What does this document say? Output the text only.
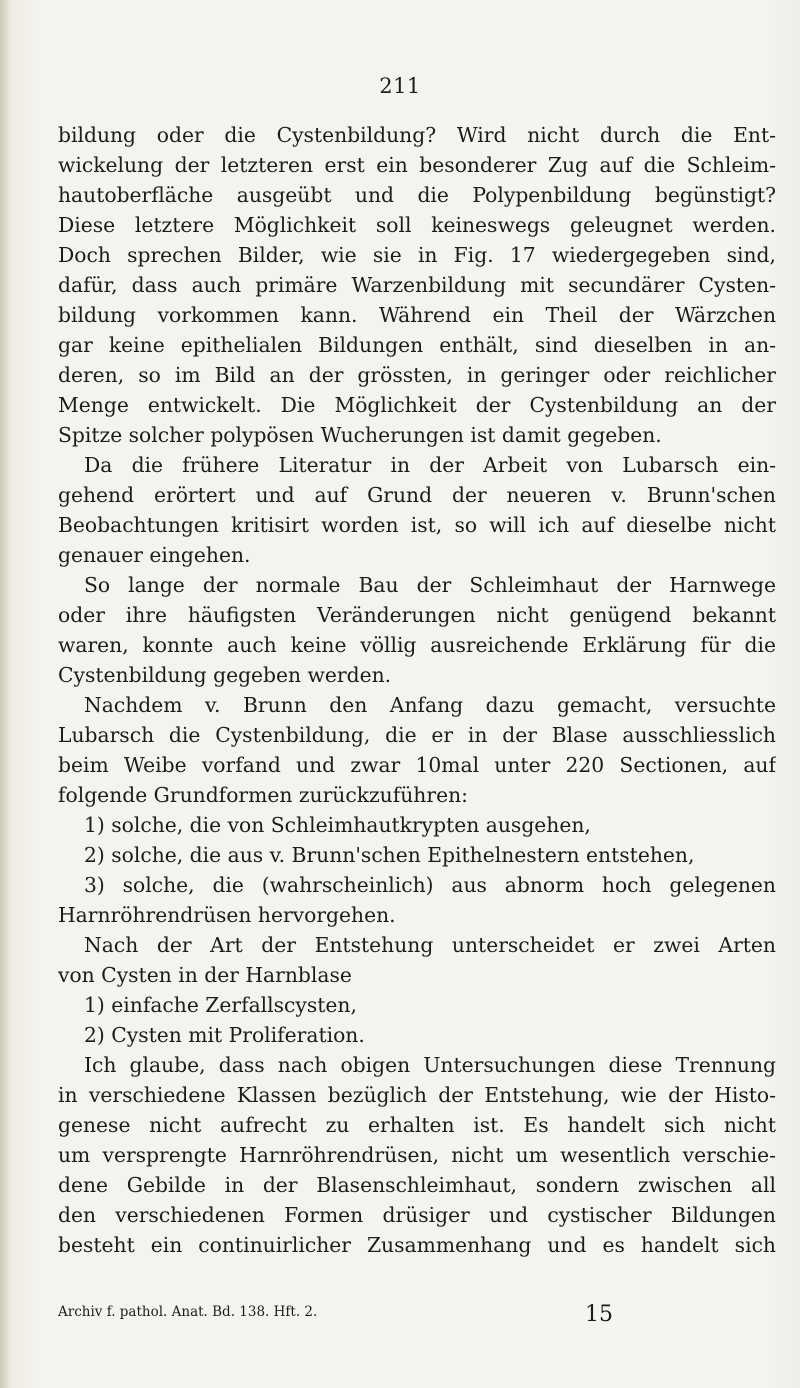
211
bildung oder die Cystenbildung? Wird nicht durch die Ent-
wickelung der letzteren erst ein besonderer Zug auf die Schleim-
hautoberfläche ausgeübt und die Polypenbildung begünstigt?
Diese letztere Möglichkeit soll keineswegs geleugnet werden.
Doch sprechen Bilder, wie sie in Fig. 17 wiedergegeben sind,
dafür, dass auch primäre Warzenbildung mit secundärer Cysten-
bildung vorkommen kann. Während ein Theil der Wärzchen
gar keine epithelialen Bildungen enthält, sind dieselben in an-
deren, so im Bild an der grössten, in geringer oder reichlicher
Menge entwickelt. Die Möglichkeit der Cystenbildung an der
Spitze solcher polypösen Wucherungen ist damit gegeben.
Da die frühere Literatur in der Arbeit von Lubarsch ein-
gehend erörtert und auf Grund der neueren v. Brunn'schen
Beobachtungen kritisirt worden ist, so will ich auf dieselbe nicht
genauer eingehen.
So lange der normale Bau der Schleimhaut der Harnwege
oder ihre häufigsten Veränderungen nicht genügend bekannt
waren, konnte auch keine völlig ausreichende Erklärung für die
Cystenbildung gegeben werden.
Nachdem v. Brunn den Anfang dazu gemacht, versuchte
Lubarsch die Cystenbildung, die er in der Blase ausschliesslich
beim Weibe vorfand und zwar 10mal unter 220 Sectionen, auf
folgende Grundformen zurückzuführen:
1) solche, die von Schleimhautkrypten ausgehen,
2) solche, die aus v. Brunn'schen Epithelnestern entstehen,
3) solche, die (wahrscheinlich) aus abnorm hoch gelegenen
Harnröhrendrüsen hervorgehen.
Nach der Art der Entstehung unterscheidet er zwei Arten
von Cysten in der Harnblase
1) einfache Zerfallscysten,
2) Cysten mit Proliferation.
Ich glaube, dass nach obigen Untersuchungen diese Trennung
in verschiedene Klassen bezüglich der Entstehung, wie der Histo-
genese nicht aufrecht zu erhalten ist. Es handelt sich nicht
um versprengte Harnröhrendrüsen, nicht um wesentlich verschie-
dene Gebilde in der Blasenschleimhaut, sondern zwischen all
den verschiedenen Formen drüsiger und cystischer Bildungen
besteht ein continuirlicher Zusammenhang und es handelt sich
Archiv f. pathol. Anat. Bd. 138. Hft. 2.	15
